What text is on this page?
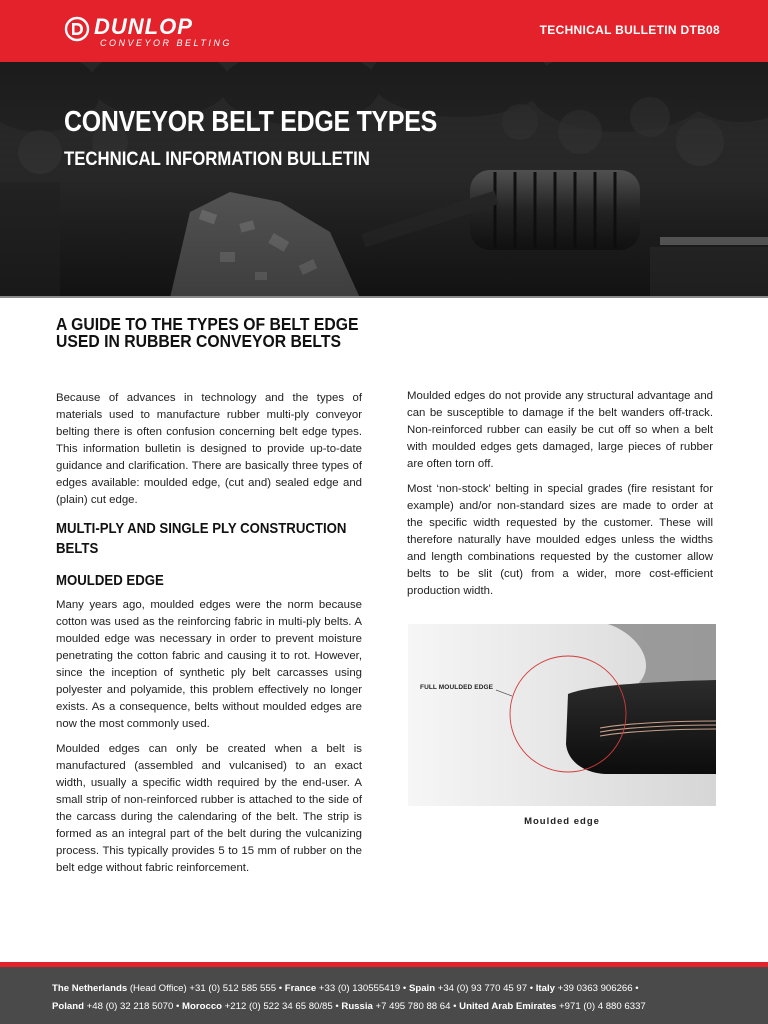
DUNLOP
CONVEYOR BELTING
TECHNICAL BULLETIN DTB08
CONVEYOR BELT EDGE TYPES
TECHNICAL INFORMATION BULLETIN
A GUIDE TO THE TYPES OF BELT EDGE USED IN RUBBER CONVEYOR BELTS

Because of advances in technology and the types of materials used to manufacture rubber multi-ply conveyor belting there is often confusion concerning belt edge types. This information bulletin is designed to provide up-to-date guidance and clarification. There are basically three types of edges available: moulded edge, (cut and) sealed edge and (plain) cut edge.

MULTI-PLY AND SINGLE PLY CONSTRUCTION BELTS
MOULDED EDGE

Many years ago, moulded edges were the norm because cotton was used as the reinforcing fabric in multi-ply belts. A moulded edge was necessary in order to prevent moisture penetrating the cotton fabric and causing it to rot. However, since the inception of synthetic ply belt carcasses using polyester and polyamide, this problem effectively no longer exists. As a consequence, belts without moulded edges are now the most commonly used.

Moulded edges can only be created when a belt is manufactured (assembled and vulcanised) to an exact width, usually a specific width required by the end-user. A small strip of non-reinforced rubber is attached to the side of the carcass during the calendaring of the belt. The strip is formed as an integral part of the belt during the vulcanizing process. This typically provides 5 to 15 mm of rubber on the belt edge without fabric reinforcement.

Moulded edges do not provide any structural advantage and can be susceptible to damage if the belt wanders off-track. Non-reinforced rubber can easily be cut off so when a belt with moulded edges gets damaged, large pieces of rubber are often torn off.

Most ‘non-stock’ belting in special grades (fire resistant for example) and/or non-standard sizes are made to order at the specific width requested by the customer. These will therefore naturally have moulded edges unless the widths and length combinations requested by the customer allow belts to be slit (cut) from a wider, more cost-efficient production width.

FULL MOULDED EDGE
Moulded edge
The Netherlands (Head Office) +31 (0) 512 585 555 • France +33 (0) 130555419 • Spain +34 (0) 93 770 45 97 • Italy +39 0363 906266 •
Poland +48 (0) 32 218 5070 • Morocco +212 (0) 522 34 65 80/85 • Russia +7 495 780 88 64 • United Arab Emirates +971 (0) 4 880 6337
